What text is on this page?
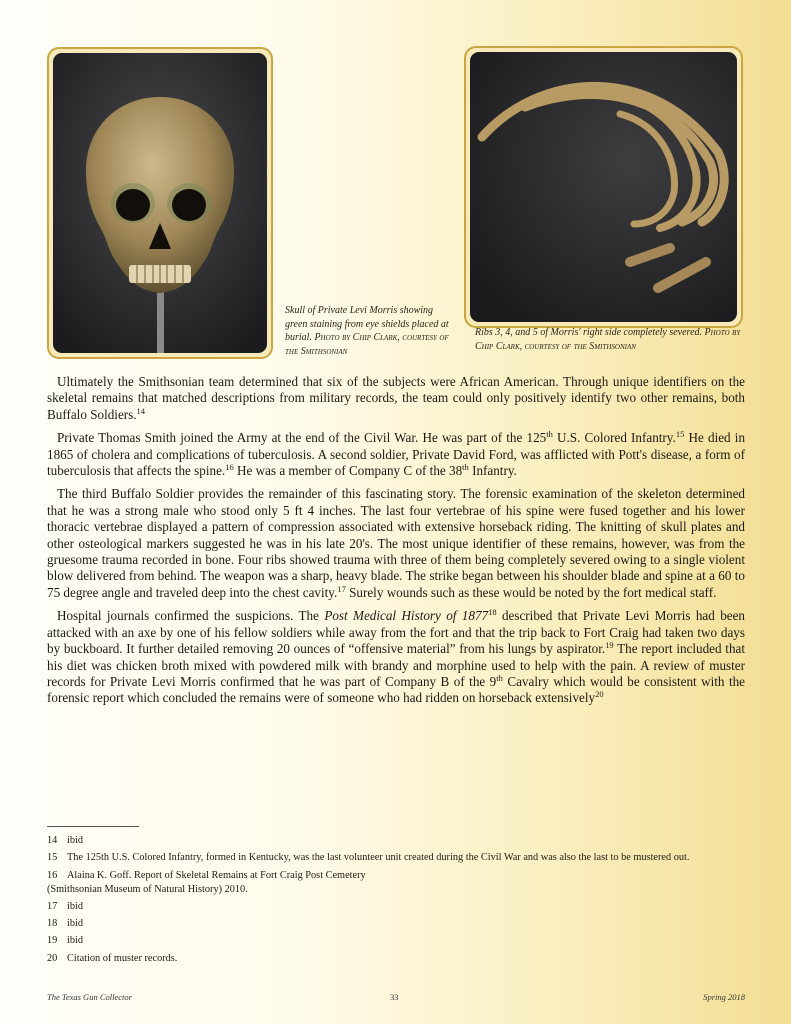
Skull of Private Levi Morris showing green staining from eye shields placed at burial. Photo by Chip Clark, courtesy of the Smithsonian
Ribs 3, 4, and 5 of Morris' right side completely severed. Photo by Chip Clark, courtesy of the Smithsonian

Ultimately the Smithsonian team determined that six of the subjects were African American. Through unique identifiers on the skeletal remains that matched descriptions from military records, the team could only positively identify two other remains, both Buffalo Soldiers.$^{14}$

Private Thomas Smith joined the Army at the end of the Civil War. He was part of the 125th U.S. Colored Infantry.$^{15}$ He died in 1865 of cholera and complications of tuberculosis. A second soldier, Private David Ford, was afflicted with Pott's disease, a form of tuberculosis that affects the spine.$^{16}$ He was a member of Company C of the 38th Infantry.

The third Buffalo Soldier provides the remainder of this fascinating story. The forensic examination of the skeleton determined that he was a strong male who stood only 5 ft 4 inches. The last four vertebrae of his spine were fused together and his lower thoracic vertebrae displayed a pattern of compression associated with extensive horseback riding. The knitting of skull plates and other osteological markers suggested he was in his late 20's. The most unique identifier of these remains, however, was from the gruesome trauma recorded in bone. Four ribs showed trauma with three of them being completely severed owing to a single violent blow delivered from behind. The weapon was a sharp, heavy blade. The strike began between his shoulder blade and spine at a 60 to 75 degree angle and traveled deep into the chest cavity.$^{17}$ Surely wounds such as these would be noted by the fort medical staff.

Hospital journals confirmed the suspicions. The Post Medical History of 1877$^{18}$ described that Private Levi Morris had been attacked with an axe by one of his fellow soldiers while away from the fort and that the trip back to Fort Craig had taken two days by buckboard. It further detailed removing 20 ounces of “offensive material” from his lungs by aspirator.$^{19}$ The report included that his diet was chicken broth mixed with powdered milk with brandy and morphine used to help with the pain. A review of muster records for Private Levi Morris confirmed that he was part of Company B of the 9th Cavalry which would be consistent with the forensic report which concluded the remains were of someone who had ridden on horseback extensively$^{20}$

14 ibid
15 The 125th U.S. Colored Infantry, formed in Kentucky, was the last volunteer unit created during the Civil War and was also the last to be mustered out.
16 Alaina K. Goff. Report of Skeletal Remains at Fort Craig Post Cemetery
(Smithsonian Museum of Natural History) 2010.
17 ibid
18 ibid
19 ibid
20 Citation of muster records.
The Texas Gun Collector	33	Spring 2018
